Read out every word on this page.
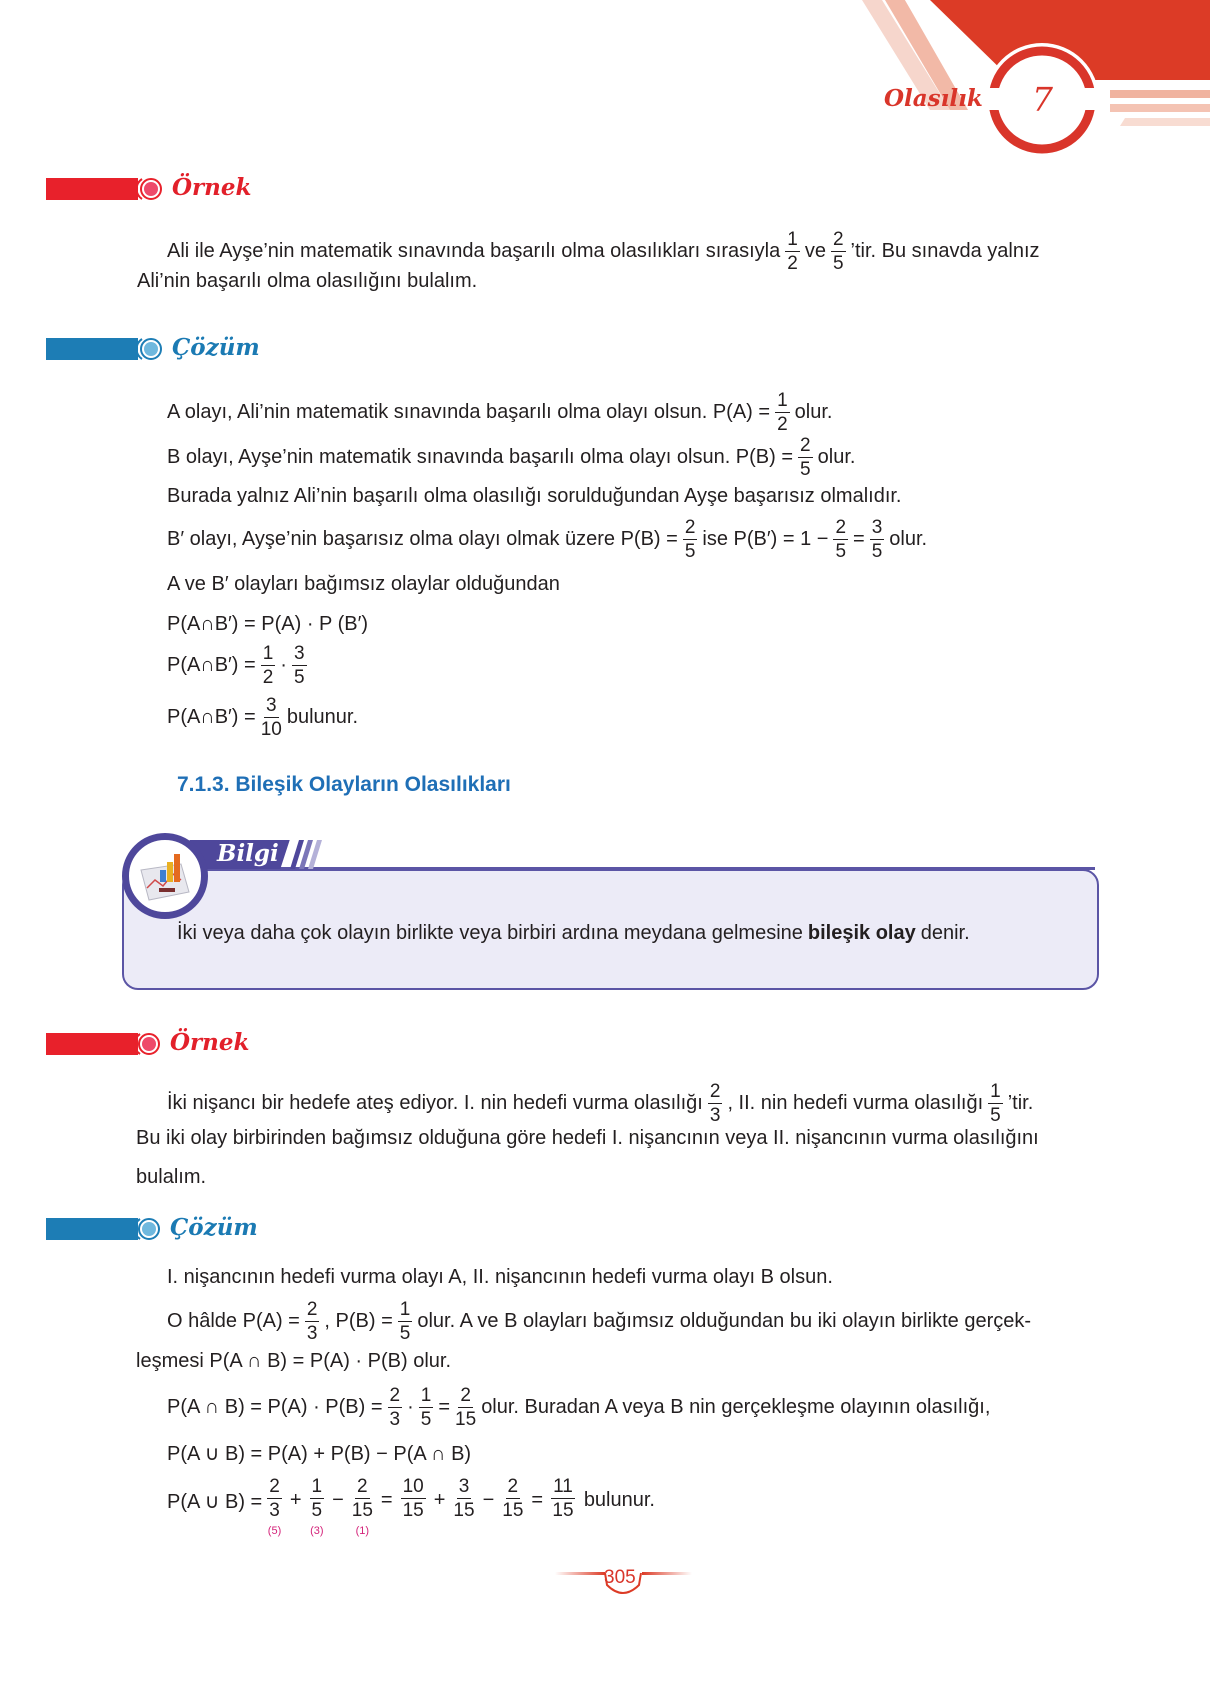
Olasılık 7
Örnek
Ali ile Ayşe’nin matematik sınavında başarılı olma olasılıkları sırasıyla $\frac{1}{2}$ ve $\frac{2}{5}$ ’tir. Bu sınavda yalnız
Ali’nin başarılı olma olasılığını bulalım.
Çözüm
A olayı, Ali’nin matematik sınavında başarılı olma olayı olsun. $P(A) = \frac{1}{2}$ olur.
B olayı, Ayşe’nin matematik sınavında başarılı olma olayı olsun. $P(B) = \frac{2}{5}$ olur.
Burada yalnız Ali’nin başarılı olma olasılığı sorulduğundan Ayşe başarısız olmalıdır.
B′ olayı, Ayşe’nin başarısız olma olayı olmak üzere $P(B) = \frac{2}{5}$ ise $P(B') = 1 - \frac{2}{5} = \frac{3}{5}$ olur.
A ve B′ olayları bağımsız olaylar olduğundan
P(A∩B′) = P(A) · P (B′)
P(A∩B′) = $\frac{1}{2} \cdot \frac{3}{5}$
P(A∩B′) = $\frac{3}{10}$ bulunur.
7.1.3. Bileşik Olayların Olasılıkları
Bilgi
İki veya daha çok olayın birlikte veya birbiri ardına meydana gelmesine bileşik olay denir.
Örnek
İki nişancı bir hedefe ateş ediyor. I. nin hedefi vurma olasılığı $\frac{2}{3}$ , II. nin hedefi vurma olasılığı $\frac{1}{5}$ ’tir.
Bu iki olay birbirinden bağımsız olduğuna göre hedefi I. nişancının veya II. nişancının vurma olasılığını
bulalım.
Çözüm
I. nişancının hedefi vurma olayı A, II. nişancının hedefi vurma olayı B olsun.
O hâlde $P(A) = \frac{2}{3}$ , $P(B) = \frac{1}{5}$ olur. A ve B olayları bağımsız olduğundan bu iki olayın birlikte gerçek-
leşmesi P(A ∩ B) = P(A) · P(B) olur.
P(A ∩ $B) = P(A) \cdot P(B) = \frac{2}{3} \cdot \frac{1}{5} = \frac{2}{15}$ olur. Buradan A veya B nin gerçekleşme olayının olasılığı,
P(A ∪ B) = P(A) + P(B) − P(A ∩ B)
P(A ∪ B) =
2
3
(5)
+
1
5
(3)
−
2
15
(1)
= $\frac{10}{15} + \frac{3}{15} - \frac{2}{15} = \frac{11}{15}$ bulunur.
305
